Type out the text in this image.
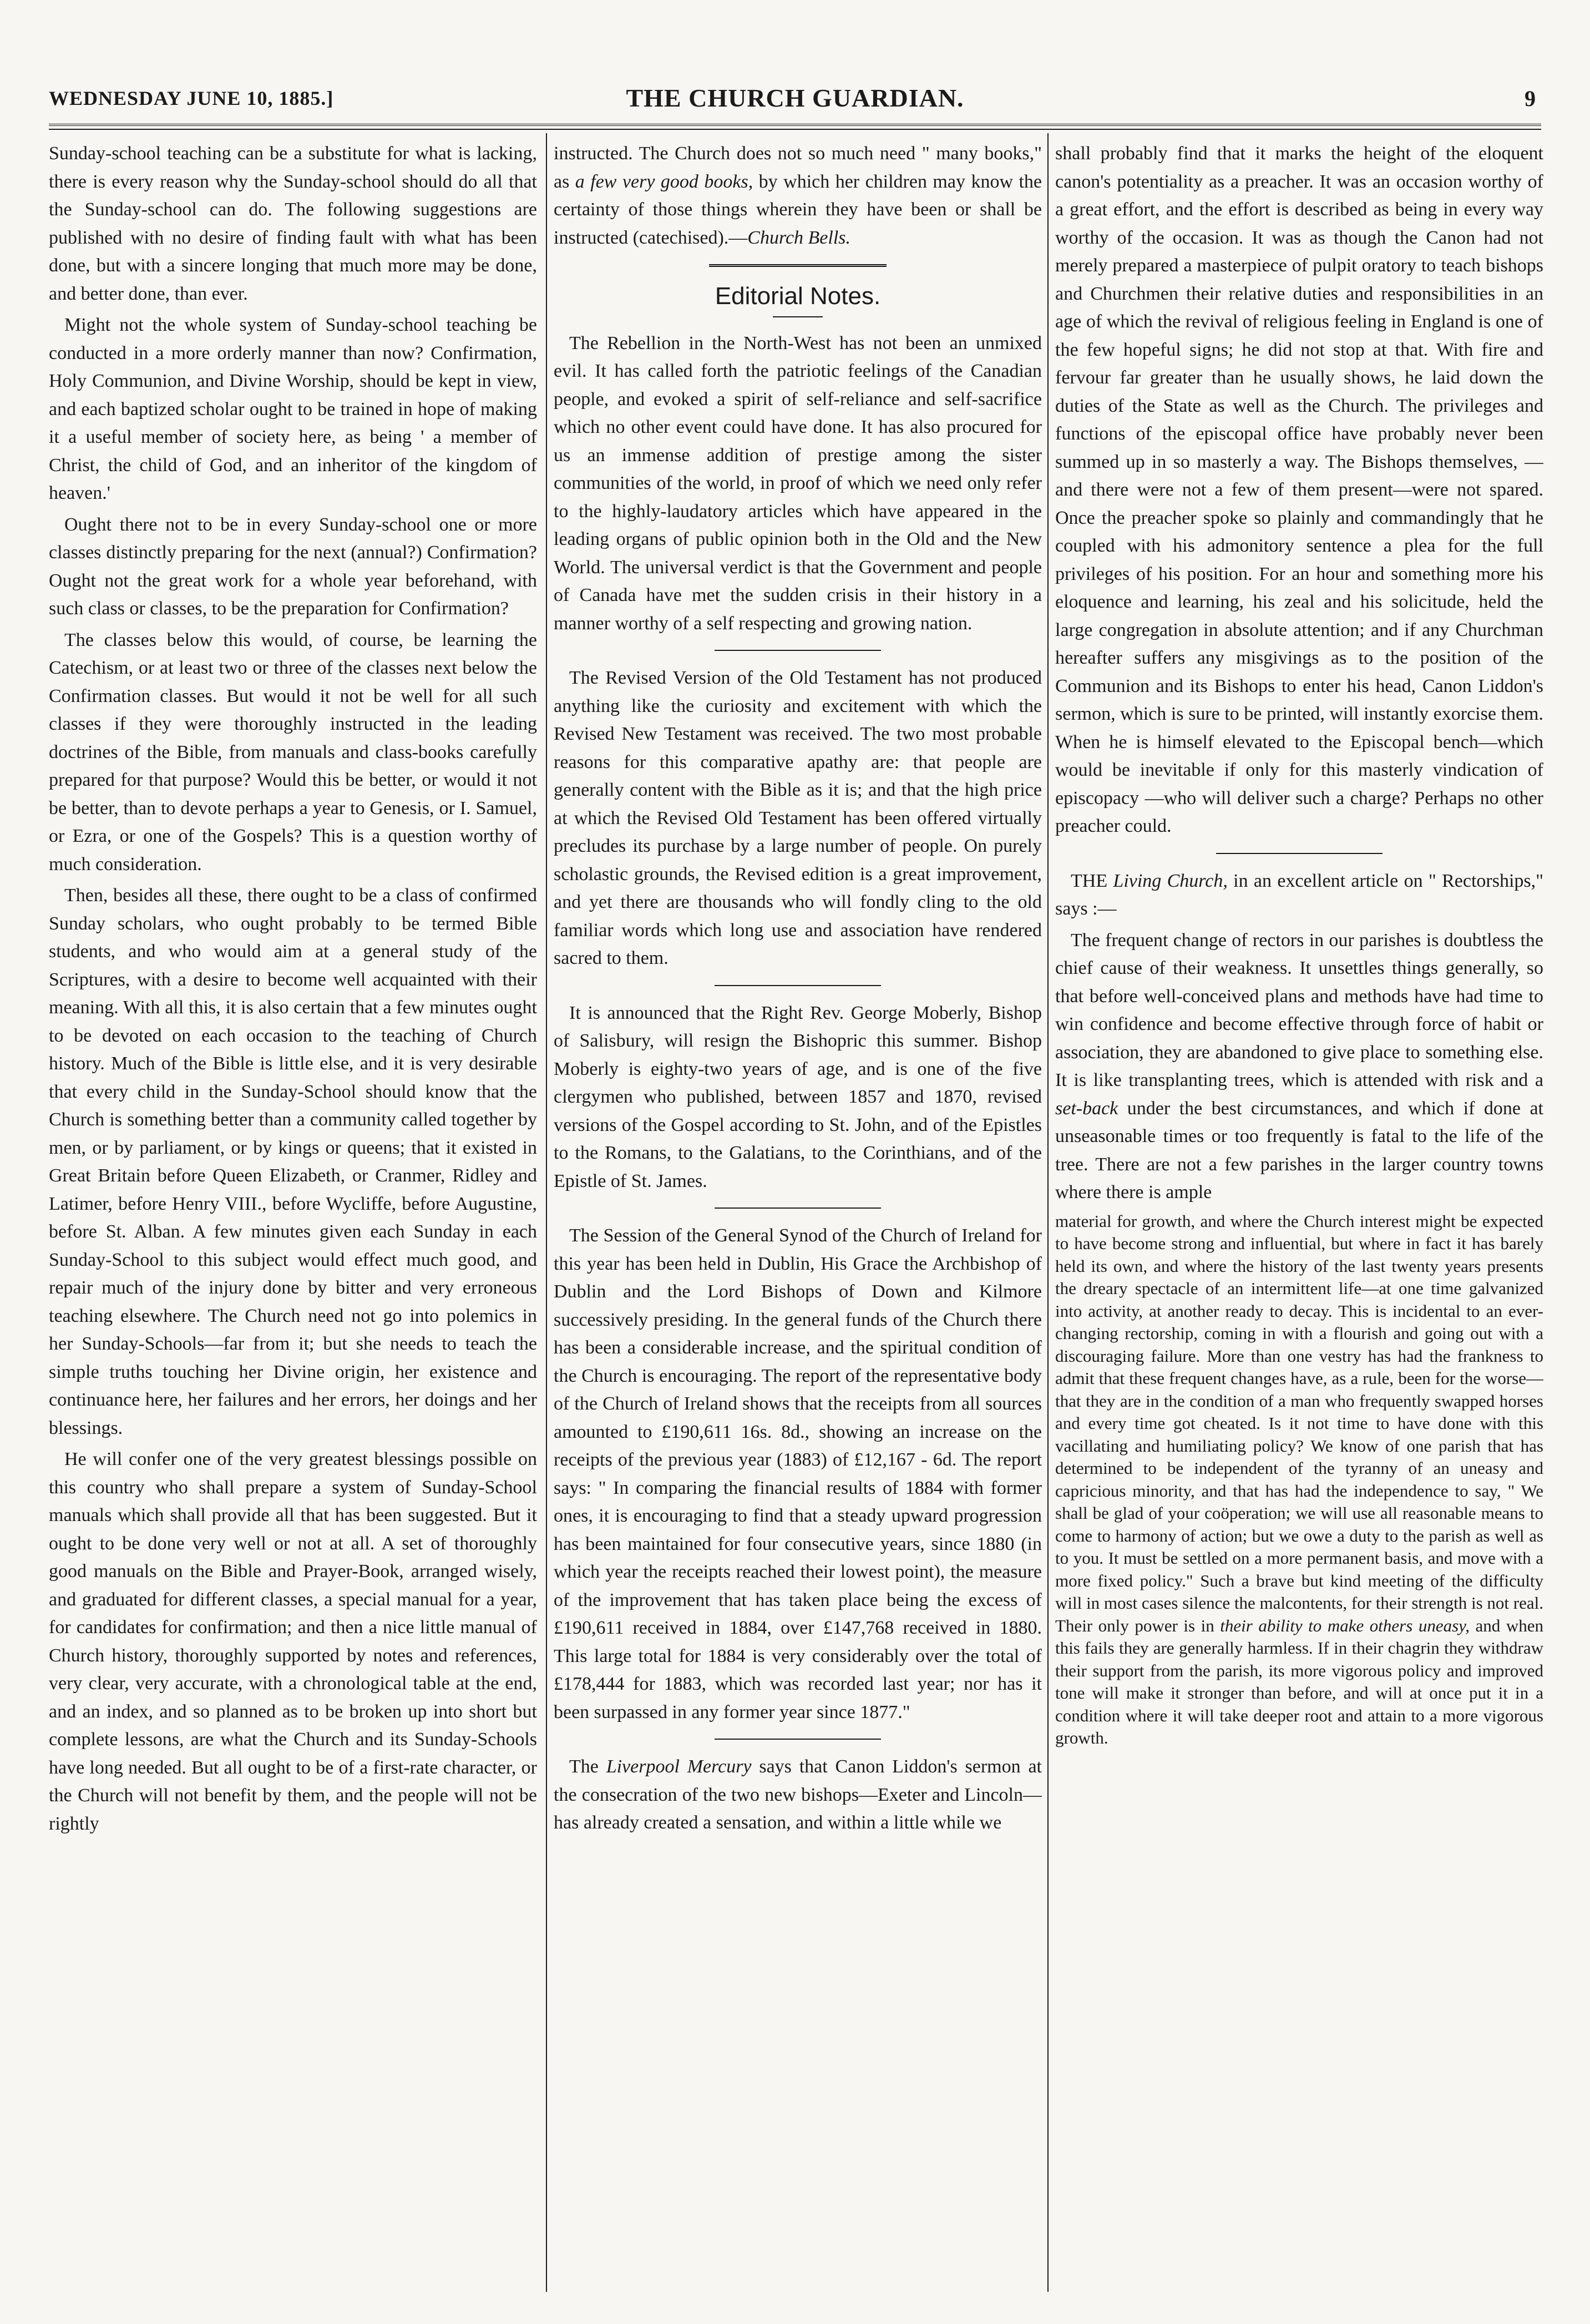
WEDNESDAY JUNE 10, 1885.]	THE CHURCH GUARDIAN.	9

Sunday-school teaching can be a substitute for what is lacking, there is every reason why the Sunday-school should do all that the Sunday-school can do. The following suggestions are published with no desire of finding fault with what has been done, but with a sincere longing that much more may be done, and better done, than ever.

Might not the whole system of Sunday-school teaching be conducted in a more orderly manner than now? Confirmation, Holy Communion, and Divine Worship, should be kept in view, and each baptized scholar ought to be trained in hope of making it a useful member of society here, as being ' a member of Christ, the child of God, and an inheritor of the kingdom of heaven.'

Ought there not to be in every Sunday-school one or more classes distinctly preparing for the next (annual?) Confirmation? Ought not the great work for a whole year beforehand, with such class or classes, to be the preparation for Confirmation?

The classes below this would, of course, be learning the Catechism, or at least two or three of the classes next below the Confirmation classes. But would it not be well for all such classes if they were thoroughly instructed in the leading doctrines of the Bible, from manuals and class-books carefully prepared for that purpose? Would this be better, or would it not be better, than to devote perhaps a year to Genesis, or I. Samuel, or Ezra, or one of the Gospels? This is a question worthy of much consideration.

Then, besides all these, there ought to be a class of confirmed Sunday scholars, who ought probably to be termed Bible students, and who would aim at a general study of the Scriptures, with a desire to become well acquainted with their meaning. With all this, it is also certain that a few minutes ought to be devoted on each occasion to the teaching of Church history. Much of the Bible is little else, and it is very desirable that every child in the Sunday-School should know that the Church is something better than a community called together by men, or by parliament, or by kings or queens; that it existed in Great Britain before Queen Elizabeth, or Cranmer, Ridley and Latimer, before Henry VIII., before Wycliffe, before Augustine, before St. Alban. A few minutes given each Sunday in each Sunday-School to this subject would effect much good, and repair much of the injury done by bitter and very erroneous teaching elsewhere. The Church need not go into polemics in her Sunday-Schools—far from it; but she needs to teach the simple truths touching her Divine origin, her existence and continuance here, her failures and her errors, her doings and her blessings.

He will confer one of the very greatest blessings possible on this country who shall prepare a system of Sunday-School manuals which shall provide all that has been suggested. But it ought to be done very well or not at all. A set of thoroughly good manuals on the Bible and Prayer-Book, arranged wisely, and graduated for different classes, a special manual for a year, for candidates for confirmation; and then a nice little manual of Church history, thoroughly supported by notes and references, very clear, very accurate, with a chronological table at the end, and an index, and so planned as to be broken up into short but complete lessons, are what the Church and its Sunday-Schools have long needed. But all ought to be of a first-rate character, or the Church will not benefit by them, and the people will not be rightly

instructed. The Church does not so much need " many books," as a few very good books, by which her children may know the certainty of those things wherein they have been or shall be instructed (catechised).—Church Bells.

Editorial Notes.

The Rebellion in the North-West has not been an unmixed evil. It has called forth the patriotic feelings of the Canadian people, and evoked a spirit of self-reliance and self-sacrifice which no other event could have done. It has also procured for us an immense addition of prestige among the sister communities of the world, in proof of which we need only refer to the highly-laudatory articles which have appeared in the leading organs of public opinion both in the Old and the New World. The universal verdict is that the Government and people of Canada have met the sudden crisis in their history in a manner worthy of a self respecting and growing nation.

The Revised Version of the Old Testament has not produced anything like the curiosity and excitement with which the Revised New Testament was received. The two most probable reasons for this comparative apathy are: that people are generally content with the Bible as it is; and that the high price at which the Revised Old Testament has been offered virtually precludes its purchase by a large number of people. On purely scholastic grounds, the Revised edition is a great improvement, and yet there are thousands who will fondly cling to the old familiar words which long use and association have rendered sacred to them.

It is announced that the Right Rev. George Moberly, Bishop of Salisbury, will resign the Bishopric this summer. Bishop Moberly is eighty-two years of age, and is one of the five clergymen who published, between 1857 and 1870, revised versions of the Gospel according to St. John, and of the Epistles to the Romans, to the Galatians, to the Corinthians, and of the Epistle of St. James.

The Session of the General Synod of the Church of Ireland for this year has been held in Dublin, His Grace the Archbishop of Dublin and the Lord Bishops of Down and Kilmore successively presiding. In the general funds of the Church there has been a considerable increase, and the spiritual condition of the Church is encouraging. The report of the representative body of the Church of Ireland shows that the receipts from all sources amounted to £190,611 16s. 8d., showing an increase on the receipts of the previous year (1883) of £12,167 - 6d. The report says: " In comparing the financial results of 1884 with former ones, it is encouraging to find that a steady upward progression has been maintained for four consecutive years, since 1880 (in which year the receipts reached their lowest point), the measure of the improvement that has taken place being the excess of £190,611 received in 1884, over £147,768 received in 1880. This large total for 1884 is very considerably over the total of £178,444 for 1883, which was recorded last year; nor has it been surpassed in any former year since 1877."

The Liverpool Mercury says that Canon Liddon's sermon at the consecration of the two new bishops—Exeter and Lincoln—has already created a sensation, and within a little while we

shall probably find that it marks the height of the eloquent canon's potentiality as a preacher. It was an occasion worthy of a great effort, and the effort is described as being in every way worthy of the occasion. It was as though the Canon had not merely prepared a masterpiece of pulpit oratory to teach bishops and Churchmen their relative duties and responsibilities in an age of which the revival of religious feeling in England is one of the few hopeful signs; he did not stop at that. With fire and fervour far greater than he usually shows, he laid down the duties of the State as well as the Church. The privileges and functions of the episcopal office have probably never been summed up in so masterly a way. The Bishops themselves, —and there were not a few of them present—were not spared. Once the preacher spoke so plainly and commandingly that he coupled with his admonitory sentence a plea for the full privileges of his position. For an hour and something more his eloquence and learning, his zeal and his solicitude, held the large congregation in absolute attention; and if any Churchman hereafter suffers any misgivings as to the position of the Communion and its Bishops to enter his head, Canon Liddon's sermon, which is sure to be printed, will instantly exorcise them. When he is himself elevated to the Episcopal bench—which would be inevitable if only for this masterly vindication of episcopacy —who will deliver such a charge? Perhaps no other preacher could.

THE Living Church, in an excellent article on " Rectorships," says :—

The frequent change of rectors in our parishes is doubtless the chief cause of their weakness. It unsettles things generally, so that before well-conceived plans and methods have had time to win confidence and become effective through force of habit or association, they are abandoned to give place to something else. It is like transplanting trees, which is attended with risk and a set-back under the best circumstances, and which if done at unseasonable times or too frequently is fatal to the life of the tree. There are not a few parishes in the larger country towns where there is ample

material for growth, and where the Church interest might be expected to have become strong and influential, but where in fact it has barely held its own, and where the history of the last twenty years presents the dreary spectacle of an intermittent life—at one time galvanized into activity, at another ready to decay. This is incidental to an ever-changing rectorship, coming in with a flourish and going out with a discouraging failure. More than one vestry has had the frankness to admit that these frequent changes have, as a rule, been for the worse—that they are in the condition of a man who frequently swapped horses and every time got cheated. Is it not time to have done with this vacillating and humiliating policy? We know of one parish that has determined to be independent of the tyranny of an uneasy and capricious minority, and that has had the independence to say, " We shall be glad of your coöperation; we will use all reasonable means to come to harmony of action; but we owe a duty to the parish as well as to you. It must be settled on a more permanent basis, and move with a more fixed policy." Such a brave but kind meeting of the difficulty will in most cases silence the malcontents, for their strength is not real. Their only power is in their ability to make others uneasy, and when this fails they are generally harmless. If in their chagrin they withdraw their support from the parish, its more vigorous policy and improved tone will make it stronger than before, and will at once put it in a condition where it will take deeper root and attain to a more vigorous growth.
